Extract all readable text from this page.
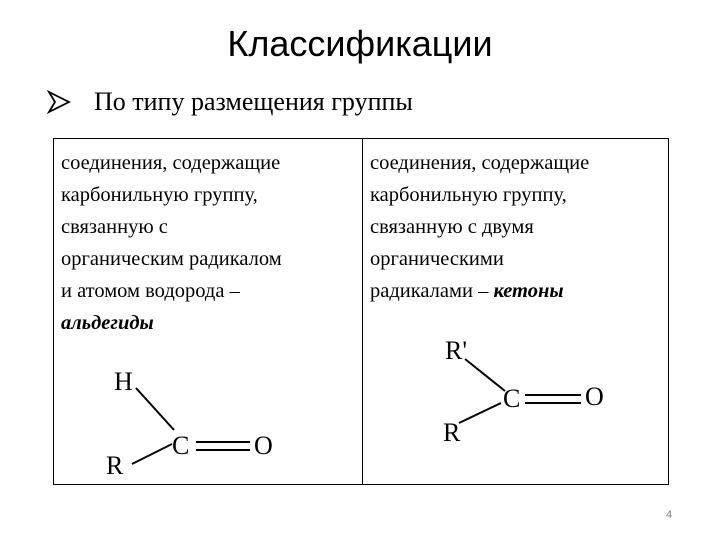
Классификации
По типу размещения группы
соединения, содержащие
карбонильную группу,
связанную с
органическим радикалом
и атомом водорода –
альдегиды
H
C O
R
соединения, содержащие
карбонильную группу,
связанную с двумя
органическими
радикалами – кетоны
R'
C O
R
4
